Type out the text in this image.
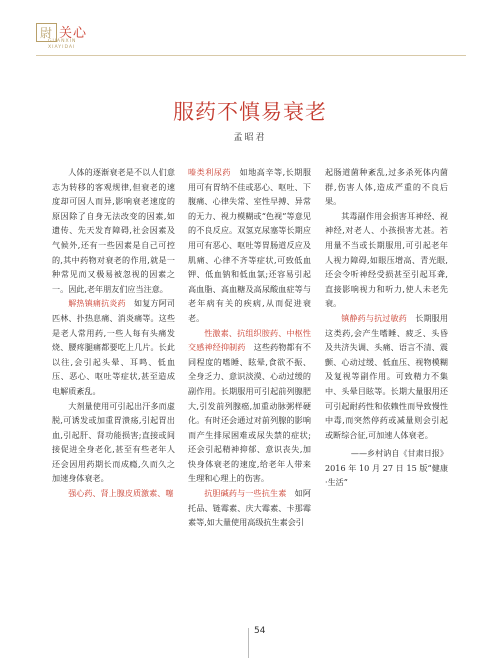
尉 关心
GUANXIN
XIAYIDAI
服药不慎易衰老
孟昭君

人体的逐渐衰老是不以人们意志为转移的客观规律,但衰老的速度却可因人而异,影响衰老速度的原因除了自身无法改变的因素,如遗传、先天发育障碍,社会因素及气候外,还有一些因素是自己可控的,其中药物对衰老的作用,就是一种常见而又极易被忽视的因素之一。因此,老年朋友们应当注意。

解热镇痛抗炎药　 如复方阿司匹林、扑热息痛、消炎痛等。这些是老人常用药,一些人每有头痛发烧、腰疼腿痛都要吃上几片。长此以往,会引起头晕、耳鸣、低血压、恶心、呕吐等症状,甚至造成电解质紊乱。

大剂量使用可引起出汗多而虚脱,可诱发或加重胃溃疡,引起胃出血,引起肝、肾功能损害;直接或间接促进全身老化,甚至有些老年人还会因用药期长而成瘾,久而久之加速身体衰老。

强心药、肾上腺皮质激素、噻

嗪类利尿药　 如地高辛等,长期服用可有胃纳不佳或恶心、呕吐、下腹痛、心律失常、室性早搏、异常的无力、视力模糊或“色视”等意见的不良反应。双氢克尿塞等长期应用可有恶心、呕吐等胃肠道反应及肌痛、心律不齐等症状,可致低血钾、低血钠和低血氯;还容易引起高血脂、高血糖及高尿酸血症等与老年病有关的疾病,从而促进衰老。

性激素、抗组织胺药、中枢性交感神经抑制药　 这些药物都有不同程度的嗜睡、眩晕,食欲不振、全身乏力、意识淡漠、心动过缓的副作用。长期服用可引起前列腺肥大,引发前列腺癌,加重动脉粥样硬化。有时还会通过对前列腺的影响而产生排尿困难或尿失禁的症状;还会引起精神抑郁、意识丧失,加快身体衰老的速度,给老年人带来生理和心理上的伤害。

抗胆碱药与一些抗生素　 如阿托品、链霉素、庆大霉素、卡那霉素等,如大量使用高级抗生素会引

起肠道菌种紊乱,过多杀死体内菌群,伤害人体,造成严重的不良后果。

其毒副作用会损害耳神经、视神经,对老人、小孩损害尤甚。若用量不当或长期服用,可引起老年人视力障碍,如眼压增高、青光眼,还会令听神经受损甚至引起耳聋,直接影响视力和听力,使人未老先衰。

镇静药与抗过敏药　 长期服用这类药,会产生嗜睡、疲乏、头昏及共济失调、头痛、语言不清、震颤、心动过缓、低血压、视物模糊及复视等副作用。可致精力不集中、头晕目眩等。长期大量服用还可引起耐药性和依赖性而导致慢性中毒,而突然停药或减量则会引起或断综合征,可加速人体衰老。

——乡村讷自《甘肃日报》

2016 年 10 月 27 日 15 版“健康·生活”

54
